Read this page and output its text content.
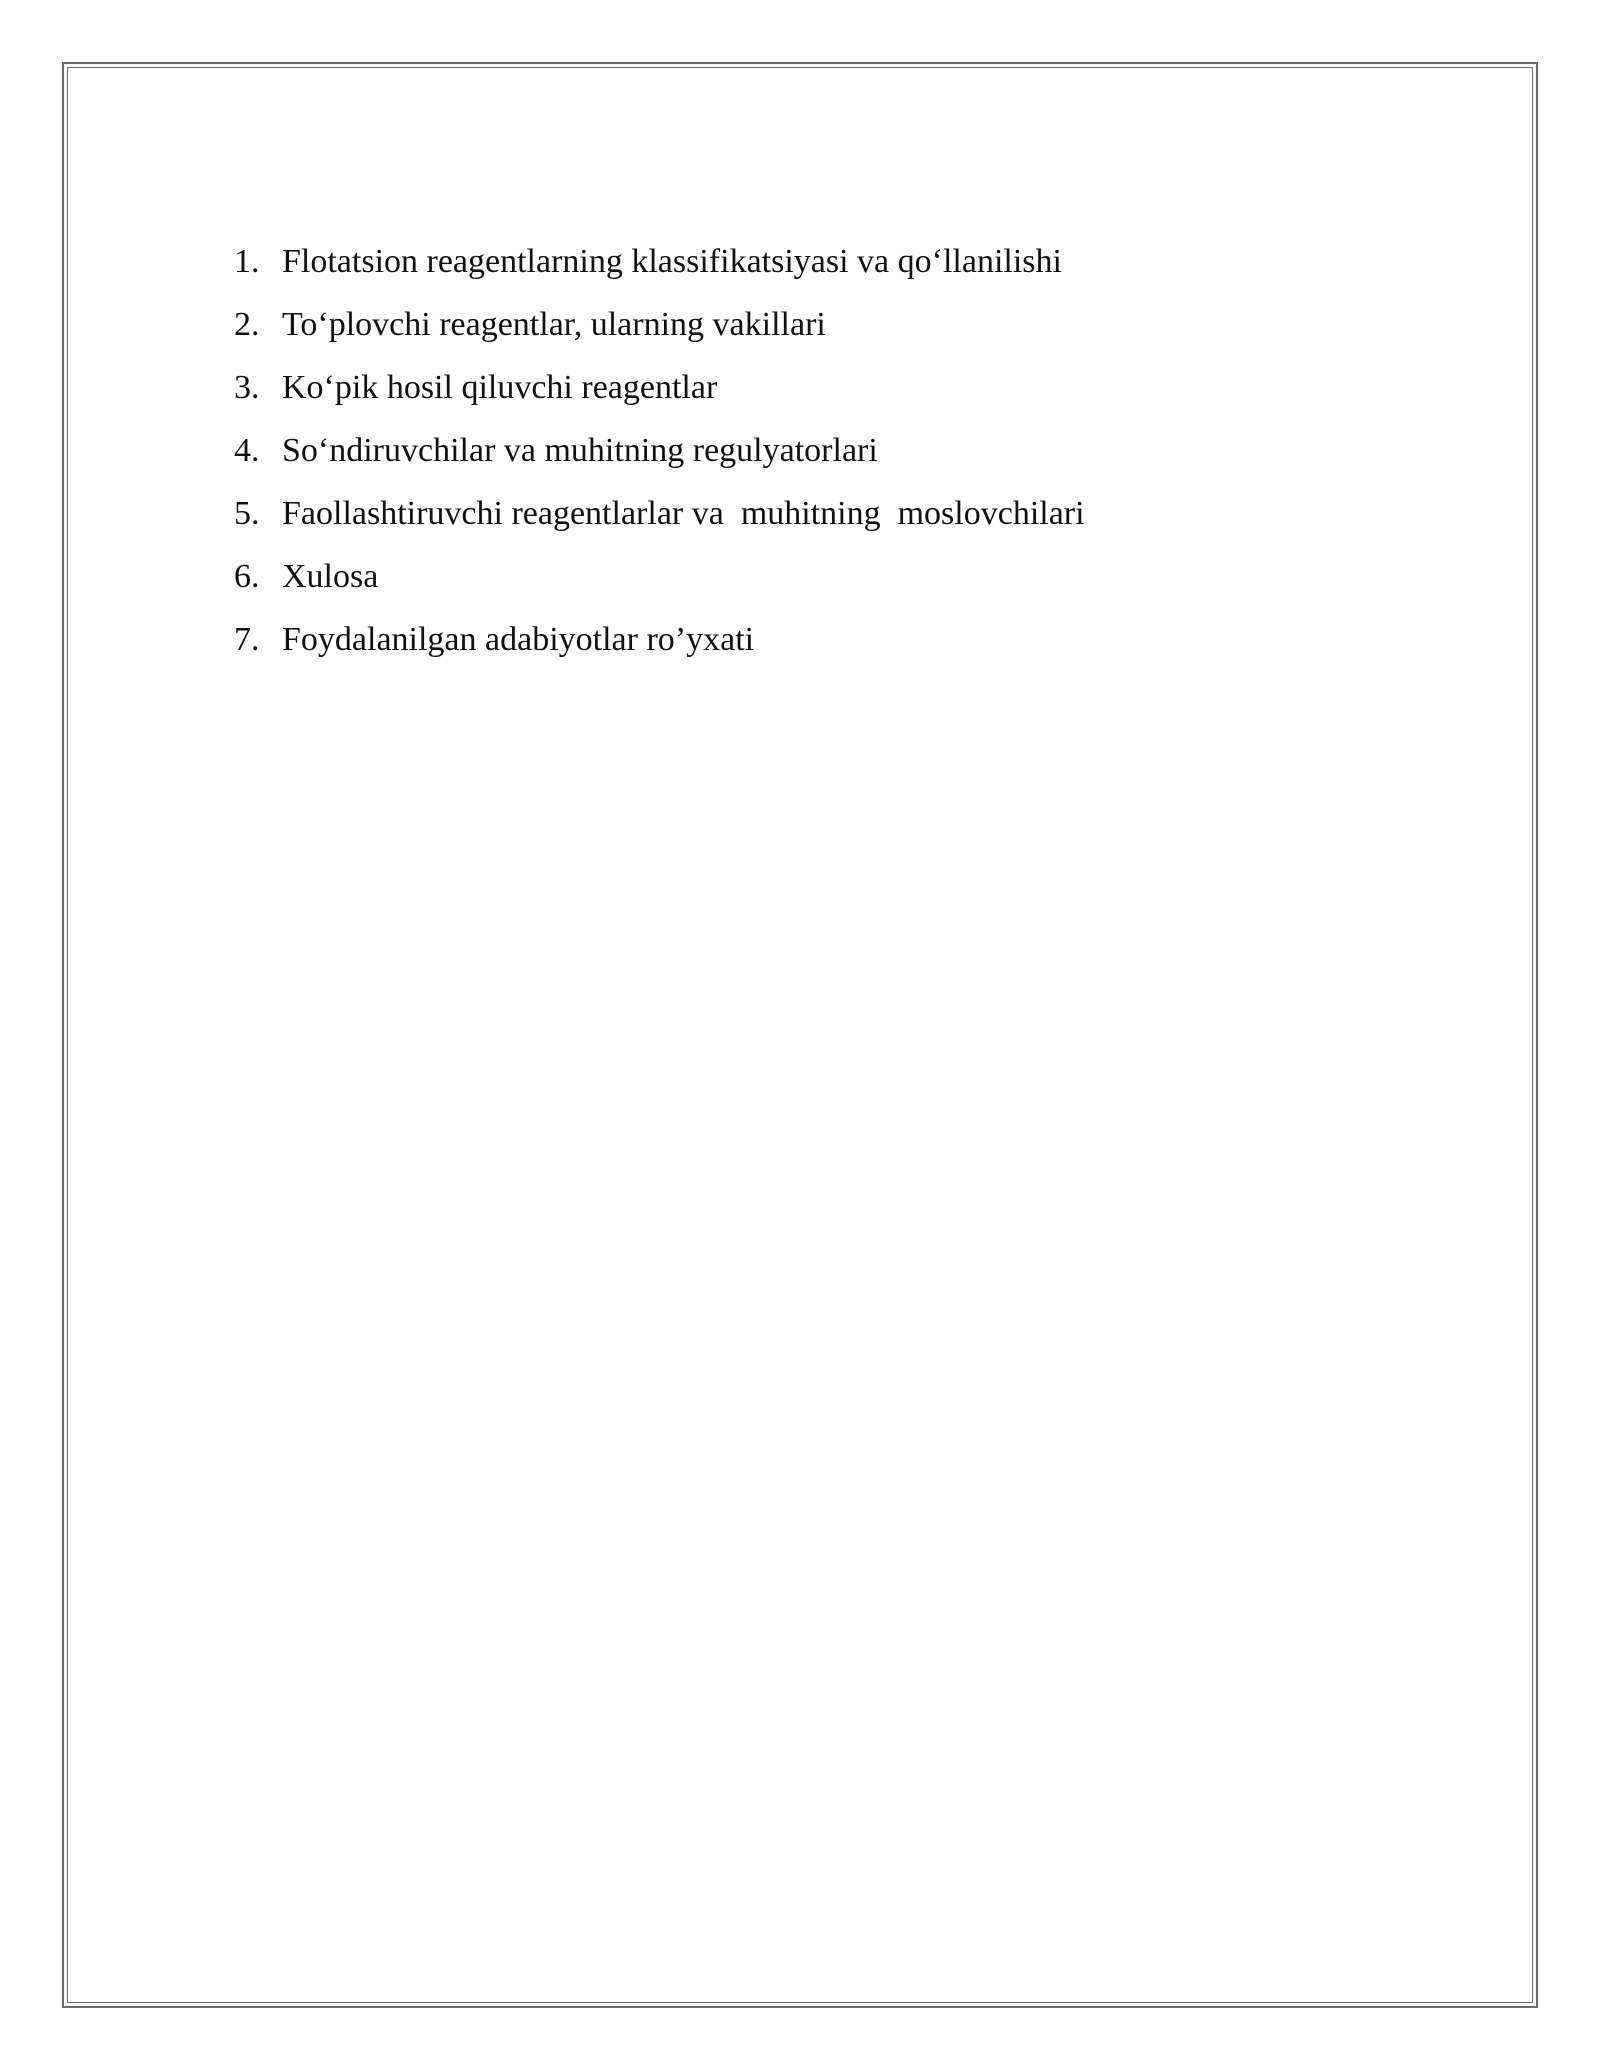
1. Flotatsion reagentlarning klassifikatsiyasi va qo‘llanilishi
2. To‘plovchi reagentlar, ularning vakillari
3. Ko‘pik hosil qiluvchi reagentlar
4. So‘ndiruvchilar va muhitning regulyatorlari
5. Faollashtiruvchi reagentlarlar va  muhitning  moslovchilari
6. Xulosa
7. Foydalanilgan adabiyotlar ro’yxati
